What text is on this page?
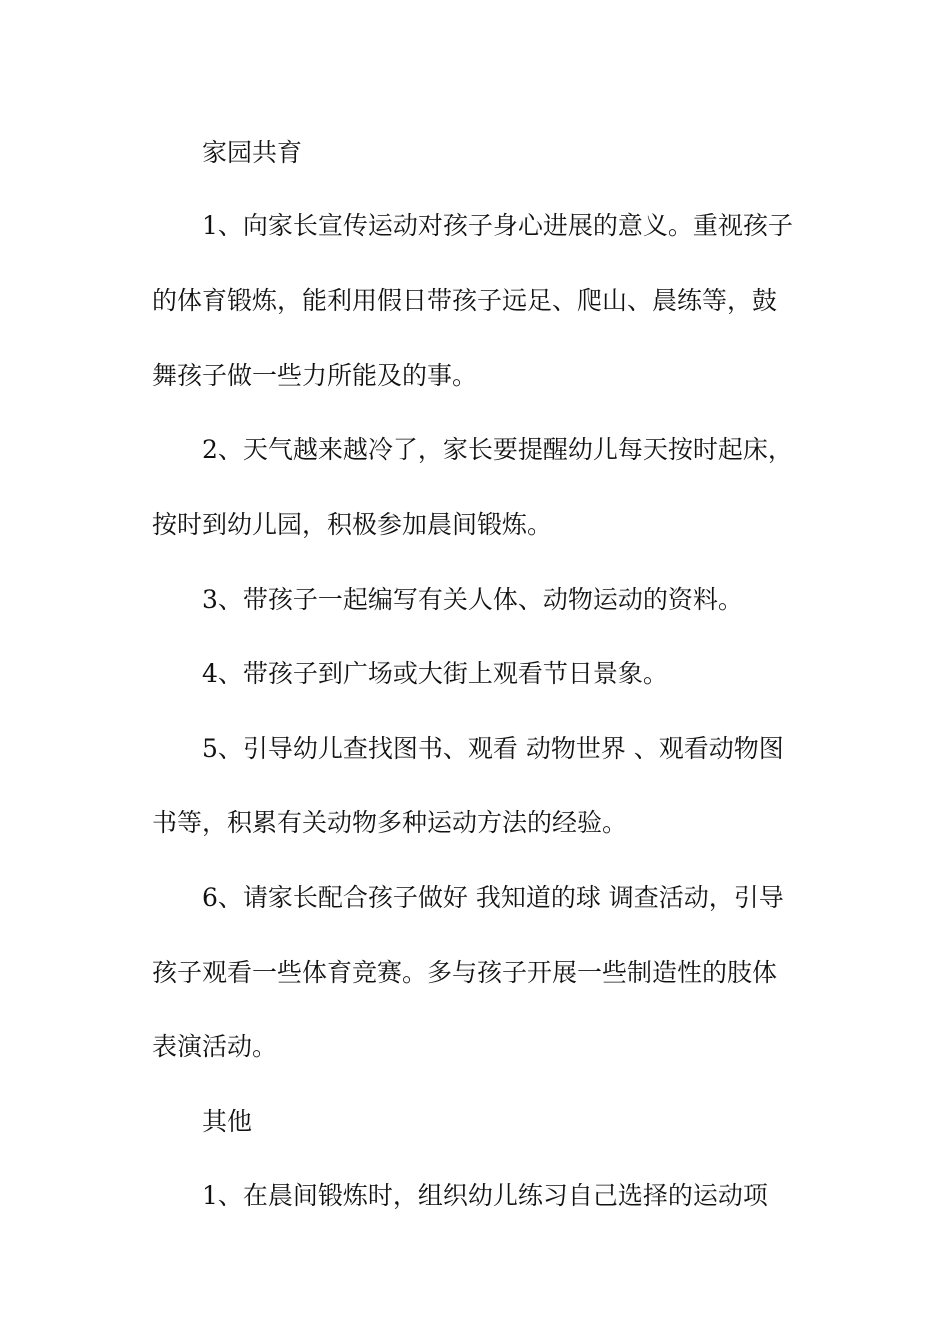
家园共育
1、向家长宣传运动对孩子身心进展的意义。重视孩子
的体育锻炼，能利用假日带孩子远足、爬山、晨练等，鼓
舞孩子做一些力所能及的事。
2、天气越来越冷了，家长要提醒幼儿每天按时起床，
按时到幼儿园，积极参加晨间锻炼。
3、带孩子一起编写有关人体、动物运动的资料。
4、带孩子到广场或大街上观看节日景象。
5、引导幼儿查找图书、观看 动物世界 、观看动物图
书等，积累有关动物多种运动方法的经验。
6、请家长配合孩子做好 我知道的球 调查活动，引导
孩子观看一些体育竞赛。多与孩子开展一些制造性的肢体
表演活动。
其他
1、在晨间锻炼时，组织幼儿练习自己选择的运动项
